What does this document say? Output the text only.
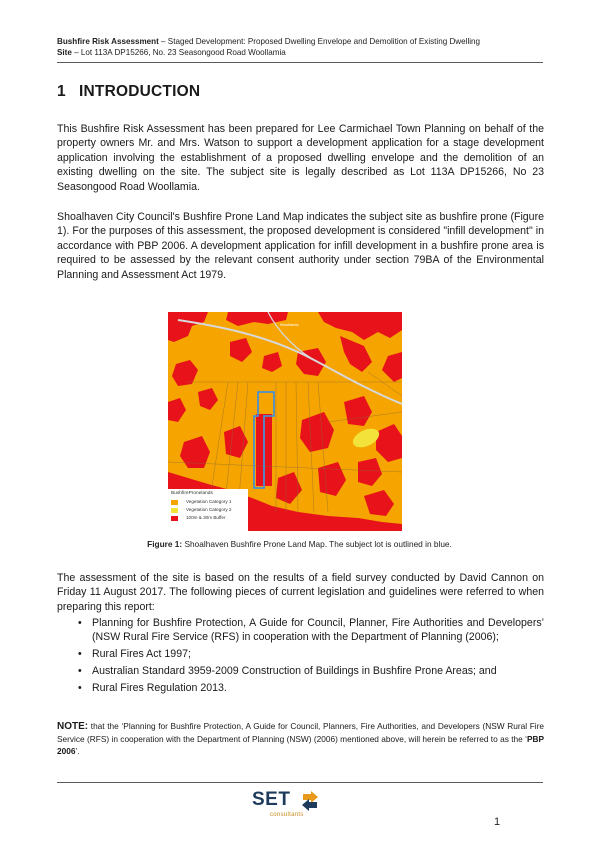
Bushfire Risk Assessment – Staged Development: Proposed Dwelling Envelope and Demolition of Existing Dwelling
Site – Lot 113A DP15266, No. 23 Seasongood Road Woollamia
1 INTRODUCTION

This Bushfire Risk Assessment has been prepared for Lee Carmichael Town Planning on behalf of the property owners Mr. and Mrs. Watson to support a development application for a stage development application involving the establishment of a proposed dwelling envelope and the demolition of an existing dwelling on the site. The subject site is legally described as Lot 113A DP15266, No 23 Seasongood Road Woollamia.

Shoalhaven City Council's Bushfire Prone Land Map indicates the subject site as bushfire prone (Figure 1). For the purposes of this assessment, the proposed development is considered "infill development" in accordance with PBP 2006. A development application for infill development in a bushfire prone area is required to be assessed by the relevant consent authority under section 79BA of the Environmental Planning and Assessment Act 1979.

Woollamia
BushfirePronelands
Vegetation Category 1
Vegetation Category 2
100m & 30m Buffer
Figure 1: Shoalhaven Bushfire Prone Land Map. The subject lot is outlined in blue.

The assessment of the site is based on the results of a field survey conducted by David Cannon on Friday 11 August 2017. The following pieces of current legislation and guidelines were referred to when preparing this report:

• Planning for Bushfire Protection, A Guide for Council, Planner, Fire Authorities and Developers’ (NSW Rural Fire Service (RFS) in cooperation with the Department of Planning (2006);
• Rural Fires Act 1997;
• Australian Standard 3959-2009 Construction of Buildings in Bushfire Prone Areas; and
• Rural Fires Regulation 2013.

NOTE: that the ‘Planning for Bushfire Protection, A Guide for Council, Planners, Fire Authorities, and Developers (NSW Rural Fire Service (RFS) in cooperation with the Department of Planning (NSW) (2006) mentioned above, will herein be referred to as the ‘PBP 2006’.

SET
consultants
1
